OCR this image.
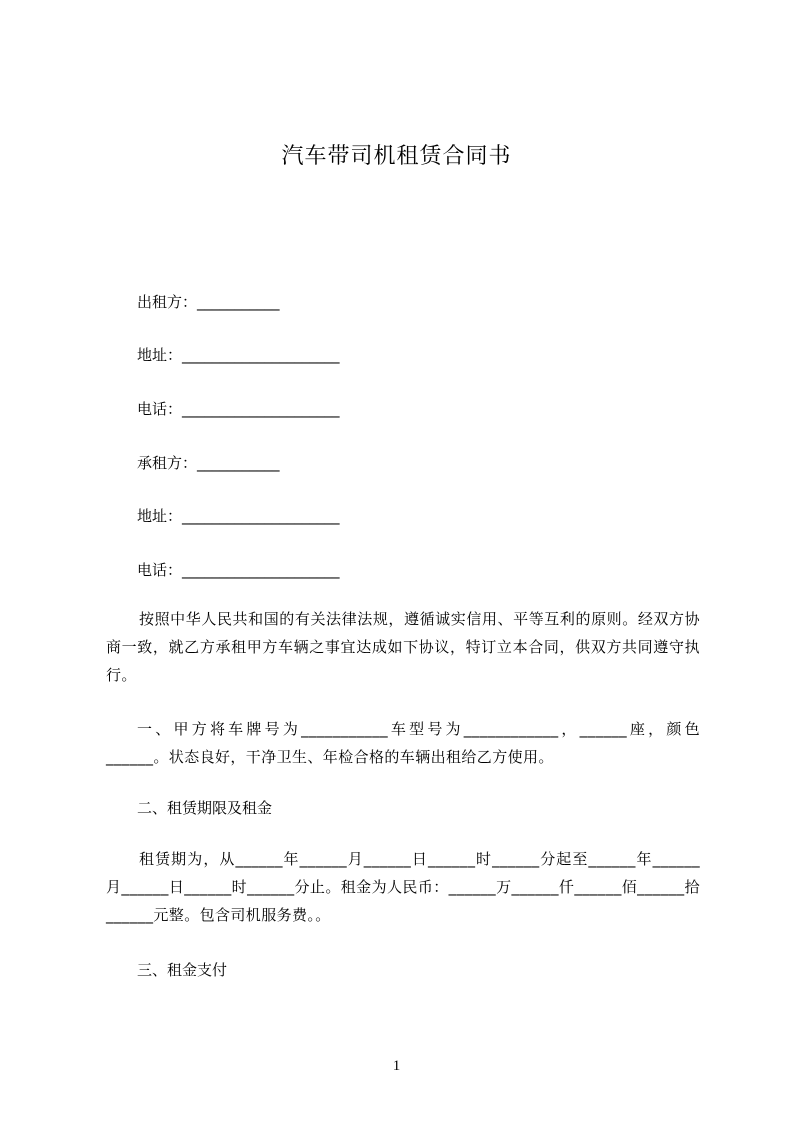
汽车带司机租赁合同书
出租方：___________
地址：_____________________
电话：_____________________
承租方：___________
地址：_____________________
电话：_____________________
按照中华人民共和国的有关法律法规，遵循诚实信用、平等互利的原则。经双方协商一致，就乙方承租甲方车辆之事宜达成如下协议，特订立本合同，供双方共同遵守执行。
一、甲方将车牌号为___________车型号为____________，______座，颜色______。状态良好，干净卫生、年检合格的车辆出租给乙方使用。
二、租赁期限及租金
租赁期为，从______年______月______日______时______分起至______年______月______日______时______分止。租金为人民币：______万______仟______佰______拾______元整。包含司机服务费。。
三、租金支付
1
